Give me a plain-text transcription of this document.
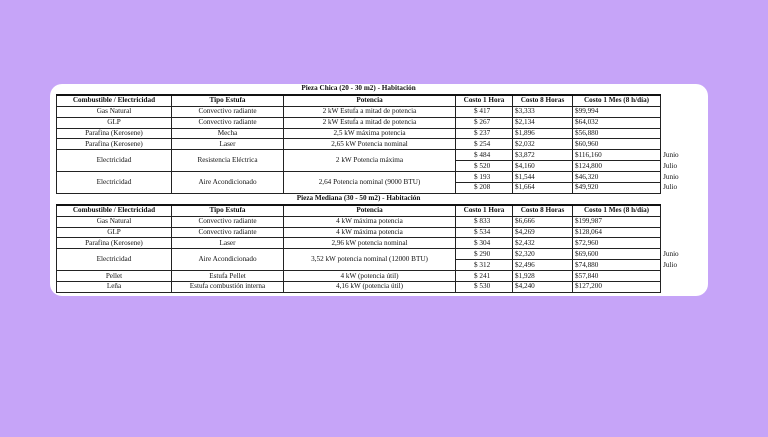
Pieza Chica (20 - 30 m2) - Habitación						
Combustible / Electricidad	Tipo Estufa	Potencia	Costo 1 Hora	Costo 8 Horas	Costo 1 Mes (8 h/día)	
Gas Natural	Convectivo radiante	2 kW Estufa a mitad de potencia	$ 417	$3,333	$99,994	
GLP	Convectivo radiante	2 kW Estufa a mitad de potencia	$ 267	$2,134	$64,032	
Parafina (Kerosene)	Mecha	2,5 kW máxima potencia	$ 237	$1,896	$56,880	
Parafina (Kerosene)	Laser	2,65 kW Potencia nominal	$ 254	$2,032	$60,960	
Electricidad	Resistencia Eléctrica	2 kW Potencia máxima	$ 484	$3,872	$116,160	Junio
			$ 520	$4,160	$124,800	Julio
Electricidad	Aire Acondicionado	2,64 Potencia nominal (9000 BTU)	$ 193	$1,544	$46,320	Junio
			$ 208	$1,664	$49,920	Julio
Pieza Mediana (30 - 50 m2) - Habitación						
Combustible / Electricidad	Tipo Estufa	Potencia	Costo 1 Hora	Costo 8 Horas	Costo 1 Mes (8 h/día)	
Gas Natural	Convectivo radiante	4 kW máxima potencia	$ 833	$6,666	$199,987	
GLP	Convectivo radiante	4 kW máxima potencia	$ 534	$4,269	$128,064	
Parafina (Kerosene)	Laser	2,96 kW potencia nominal	$ 304	$2,432	$72,960	
Electricidad	Aire Acondicionado	3,52 kW potencia nominal (12000 BTU)	$ 290	$2,320	$69,600	Junio
			$ 312	$2,496	$74,880	Julio
Pellet	Estufa Pellet	4 kW (potencia útil)	$ 241	$1,928	$57,840	
Leña	Estufa combustión interna	4,16 kW (potencia útil)	$ 530	$4,240	$127,200	
